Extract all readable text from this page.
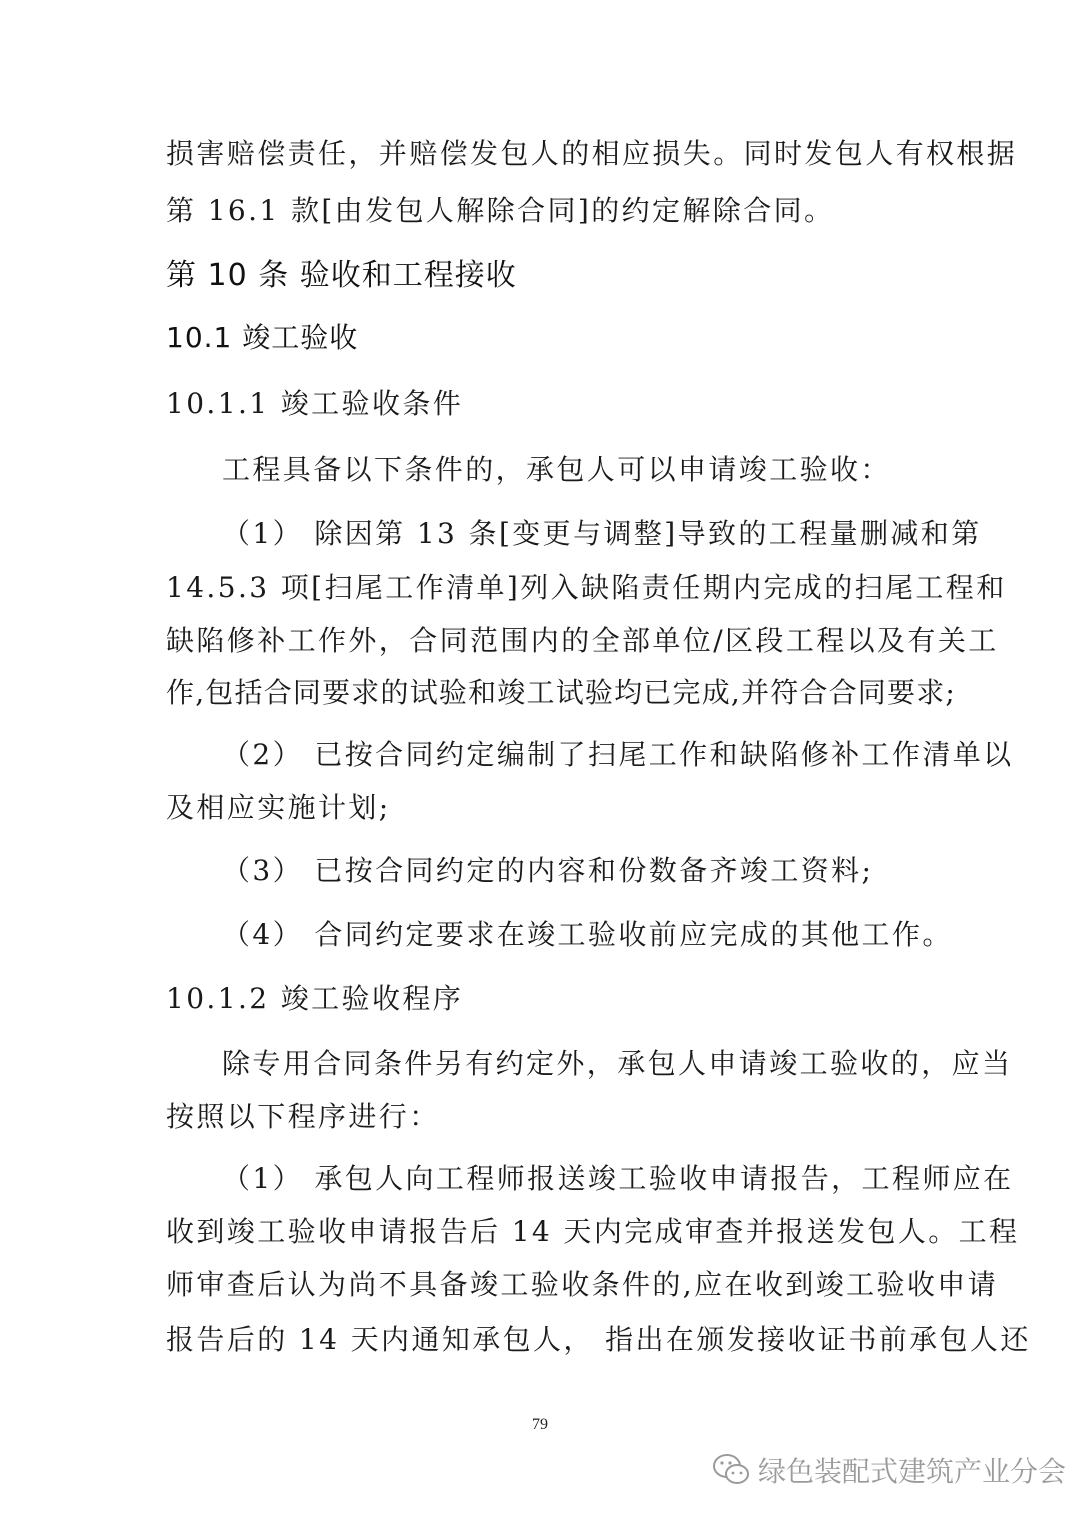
损害赔偿责任，并赔偿发包人的相应损失。同时发包人有权根据
第 16.1 款[由发包人解除合同]的约定解除合同。
第 10 条 验收和工程接收
10.1 竣工验收
10.1.1 竣工验收条件
工程具备以下条件的，承包人可以申请竣工验收：
（1） 除因第 13 条[变更与调整]导致的工程量删减和第
14.5.3 项[扫尾工作清单]列入缺陷责任期内完成的扫尾工程和
缺陷修补工作外，合同范围内的全部单位/区段工程以及有关工
作,包括合同要求的试验和竣工试验均已完成,并符合合同要求;
（2） 已按合同约定编制了扫尾工作和缺陷修补工作清单以
及相应实施计划;
（3） 已按合同约定的内容和份数备齐竣工资料;
（4） 合同约定要求在竣工验收前应完成的其他工作。
10.1.2 竣工验收程序
除专用合同条件另有约定外，承包人申请竣工验收的，应当
按照以下程序进行：
（1） 承包人向工程师报送竣工验收申请报告，工程师应在
收到竣工验收申请报告后 14 天内完成审查并报送发包人。工程
师审查后认为尚不具备竣工验收条件的,应在收到竣工验收申请
报告后的 14 天内通知承包人， 指出在颁发接收证书前承包人还
79
绿色装配式建筑产业分会
